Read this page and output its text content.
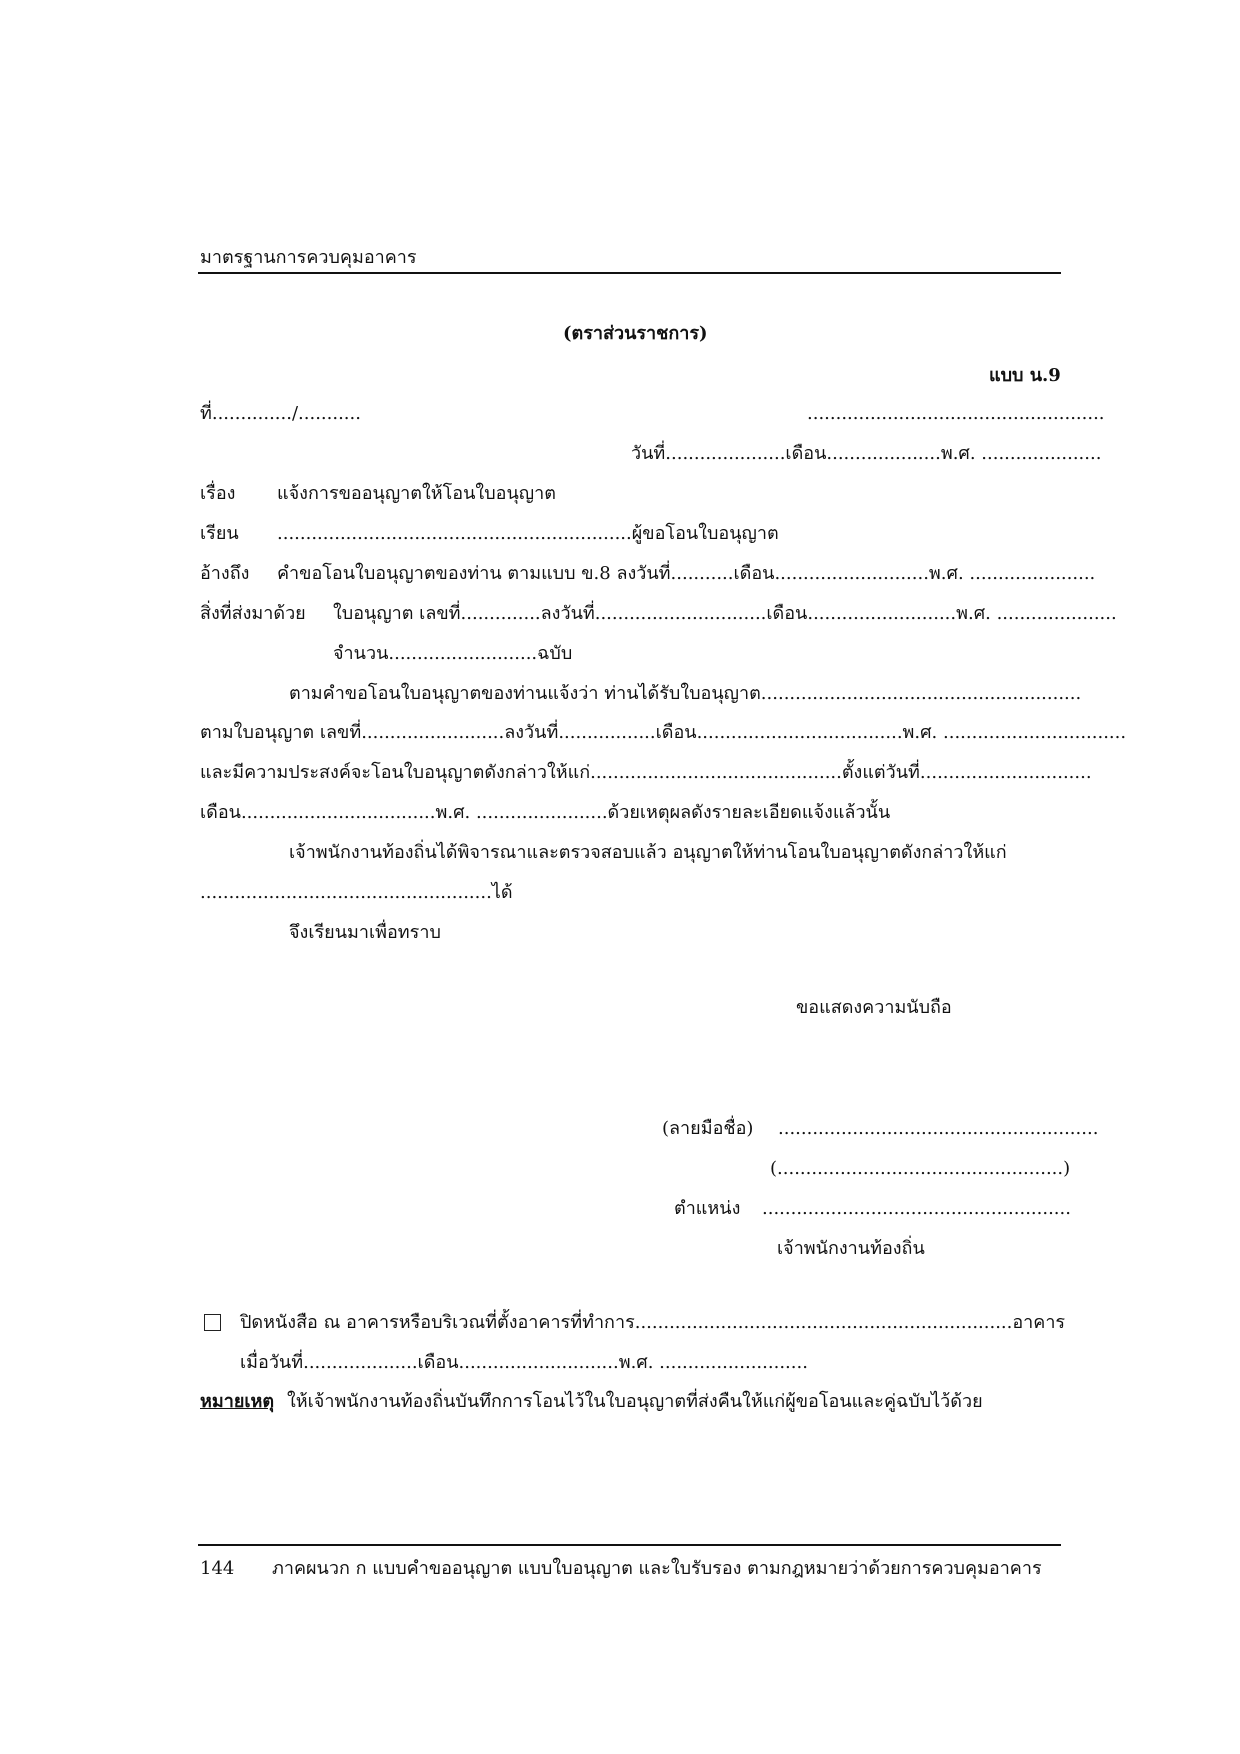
มาตรฐานการควบคุมอาคาร
(ตราส่วนราชการ)
แบบ น.9
ที่............../...........	....................................................
วันที่.....................เดือน....................พ.ศ. .....................
เรื่อง แจ้งการขออนุญาตให้โอนใบอนุญาต
เรียน ..............................................................ผู้ขอโอนใบอนุญาต
อ้างถึง คำขอโอนใบอนุญาตของท่าน ตามแบบ ข.8 ลงวันที่...........เดือน...........................พ.ศ. ......................
สิ่งที่ส่งมาด้วย ใบอนุญาต เลขที่..............ลงวันที่..............................เดือน..........................พ.ศ. .....................
จำนวน..........................ฉบับ
ตามคำขอโอนใบอนุญาตของท่านแจ้งว่า ท่านได้รับใบอนุญาต........................................................
ตามใบอนุญาต เลขที่.........................ลงวันที่.................เดือน....................................พ.ศ. ................................
และมีความประสงค์จะโอนใบอนุญาตดังกล่าวให้แก่............................................ตั้งแต่วันที่..............................
เดือน..................................พ.ศ. .......................ด้วยเหตุผลดังรายละเอียดแจ้งแล้วนั้น
เจ้าพนักงานท้องถิ่นได้พิจารณาและตรวจสอบแล้ว อนุญาตให้ท่านโอนใบอนุญาตดังกล่าวให้แก่
...................................................ได้
จึงเรียนมาเพื่อทราบ
ขอแสดงความนับถือ
(ลายมือชื่อ) ........................................................
(..................................................)
ตำแหน่ง ......................................................
เจ้าพนักงานท้องถิ่น
ปิดหนังสือ ณ อาคารหรือบริเวณที่ตั้งอาคารที่ทำการ..................................................................อาคาร
เมื่อวันที่....................เดือน............................พ.ศ. ..........................
หมายเหตุ ให้เจ้าพนักงานท้องถิ่นบันทึกการโอนไว้ในใบอนุญาตที่ส่งคืนให้แก่ผู้ขอโอนและคู่ฉบับไว้ด้วย
144 ภาคผนวก ก แบบคำขออนุญาต แบบใบอนุญาต และใบรับรอง ตามกฎหมายว่าด้วยการควบคุมอาคาร
